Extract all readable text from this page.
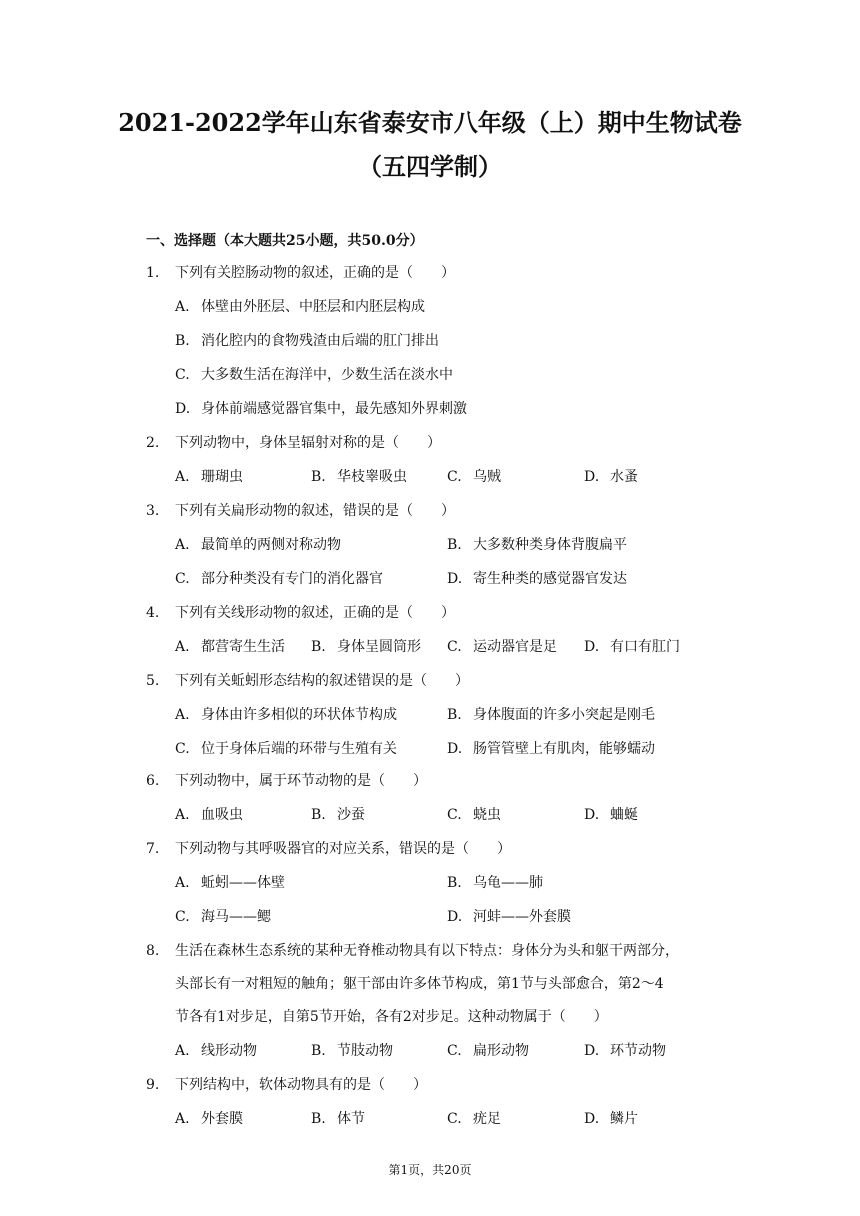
2021-2022学年山东省泰安市八年级（上）期中生物试卷
（五四学制）
一、选择题（本大题共25小题，共50.0分）
1. 下列有关腔肠动物的叙述，正确的是（　　）
A. 体壁由外胚层、中胚层和内胚层构成
B. 消化腔内的食物残渣由后端的肛门排出
C. 大多数生活在海洋中，少数生活在淡水中
D. 身体前端感觉器官集中，最先感知外界刺激
2. 下列动物中，身体呈辐射对称的是（　　）
A. 珊瑚虫	B. 华枝睾吸虫	C. 乌贼	D. 水蚤
3. 下列有关扁形动物的叙述，错误的是（　　）
A. 最简单的两侧对称动物	B. 大多数种类身体背腹扁平
C. 部分种类没有专门的消化器官	D. 寄生种类的感觉器官发达
4. 下列有关线形动物的叙述，正确的是（　　）
A. 都营寄生生活 B. 身体呈圆筒形 C. 运动器官是足 D. 有口有肛门
5. 下列有关蚯蚓形态结构的叙述错误的是（　　）
A. 身体由许多相似的环状体节构成	B. 身体腹面的许多小突起是刚毛
C. 位于身体后端的环带与生殖有关	D. 肠管管壁上有肌肉，能够蠕动
6. 下列动物中，属于环节动物的是（　　）
A. 血吸虫	B. 沙蚕	C. 蛲虫	D. 蛐蜒
7. 下列动物与其呼吸器官的对应关系，错误的是（　　）
A. 蚯蚓——体壁	B. 乌龟——肺
C. 海马——鳃	D. 河蚌——外套膜
8. 生活在森林生态系统的某种无脊椎动物具有以下特点：身体分为头和躯干两部分，
头部长有一对粗短的触角；躯干部由许多体节构成，第1节与头部愈合，第2～4
节各有1对步足，自第5节开始，各有2对步足。这种动物属于（　　）
A. 线形动物	B. 节肢动物	C. 扁形动物	D. 环节动物
9. 下列结构中，软体动物具有的是（　　）
A. 外套膜	B. 体节	C. 疣足	D. 鳞片
第1页，共20页
